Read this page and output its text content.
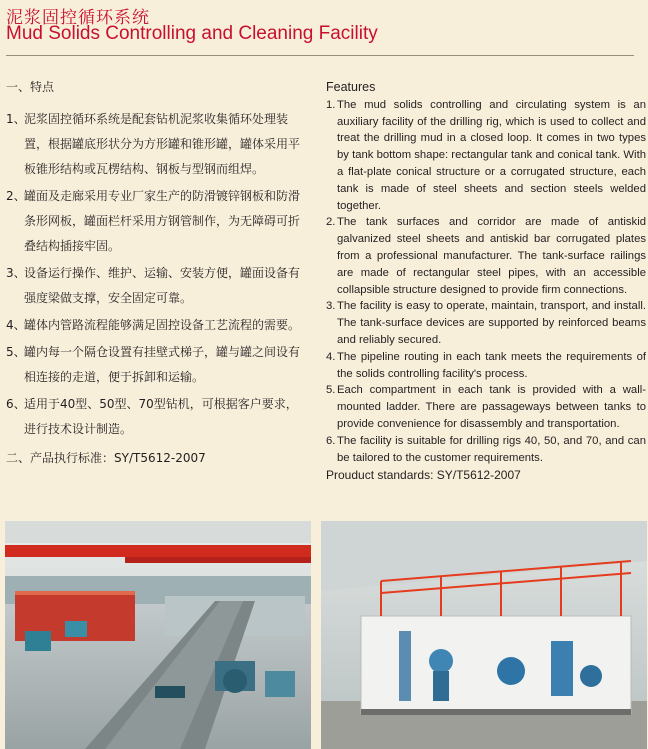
泥浆固控循环系统
Mud Solids Controlling and Cleaning Facility
一、特点
1、
泥浆固控循环系统是配套钻机泥浆收集循环处理装置，根据罐底形状分为方形罐和锥形罐，罐体采用平板锥形结构或瓦楞结构、钢板与型钢而组焊。
2、
罐面及走廊采用专业厂家生产的防滑镀锌钢板和防滑条形网板，罐面栏杆采用方钢管制作，为无障碍可折叠结构插接牢固。
3、
设备运行操作、维护、运输、安装方便，罐面设备有强度梁做支撑，安全固定可靠。
4、
罐体内管路流程能够满足固控设备工艺流程的需要。
5、
罐内每一个隔仓设置有挂壁式梯子，罐与罐之间设有相连接的走道，便于拆卸和运输。
6、
适用于40型、50型、70型钻机，可根据客户要求，进行技术设计制造。
二、产品执行标准：SY/T5612-2007
Features
1. The mud solids controlling and circulating system is an auxiliary facility of the drilling rig, which is used to collect and treat the drilling mud in a closed loop. It comes in two types by tank bottom shape: rectangular tank and conical tank. With a flat-plate conical structure or a corrugated structure, each tank is made of steel sheets and section steels welded together.
2. The tank surfaces and corridor are made of antiskid galvanized steel sheets and antiskid bar corrugated plates from a professional manufacturer. The tank-surface railings are made of rectangular steel pipes, with an accessible collapsible structure designed to provide firm connections.
3. The facility is easy to operate, maintain, transport, and install. The tank-surface devices are supported by reinforced beams and reliably secured.
4. The pipeline routing in each tank meets the requirements of the solids controlling facility's process.
5. Each compartment in each tank is provided with a wall-mounted ladder. There are passageways between tanks to provide convenience for disassembly and transportation.
6. The facility is suitable for drilling rigs 40, 50, and 70, and can be tailored to the customer requirements.
Prouduct standards: SY/T5612-2007
